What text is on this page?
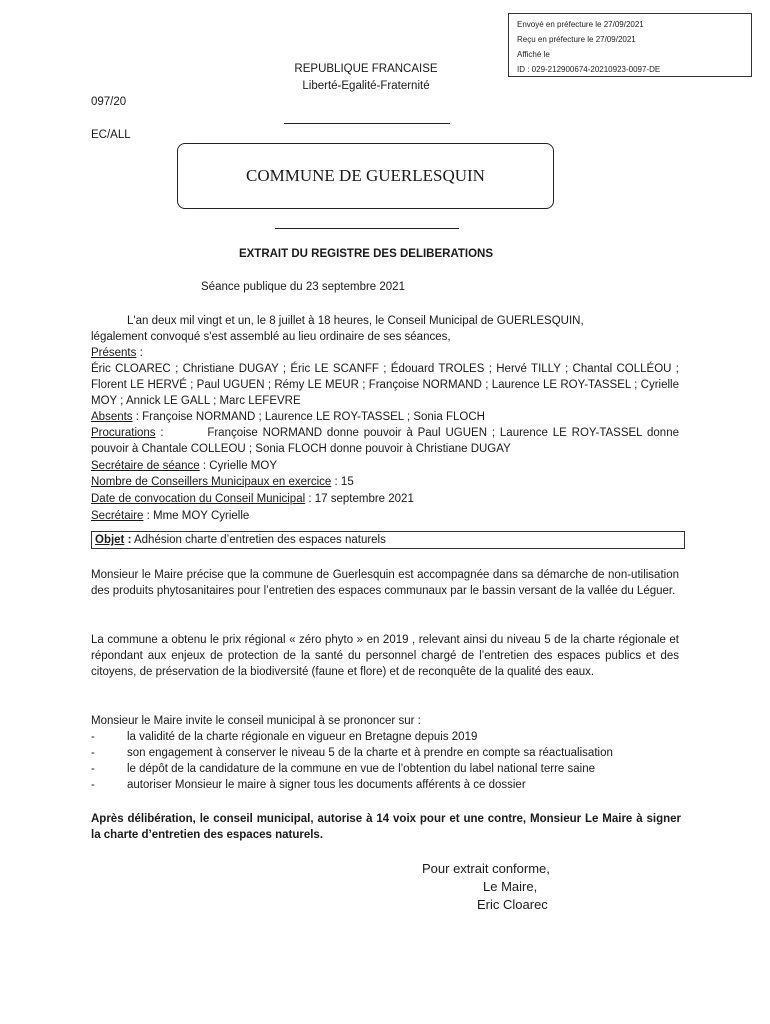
Envoyé en préfecture le 27/09/2021
Reçu en préfecture le 27/09/2021
Affiché le
ID : 029-212900674-20210923-0097-DE
REPUBLIQUE FRANCAISE
Liberté-Egalité-Fraternité
097/20
EC/ALL
COMMUNE DE GUERLESQUIN
EXTRAIT DU REGISTRE DES DELIBERATIONS
Séance publique du 23 septembre 2021
L'an deux mil vingt et un, le 8 juillet à 18 heures, le Conseil Municipal de GUERLESQUIN,
légalement convoqué s'est assemblé au lieu ordinaire de ses séances,
Présents :
Éric CLOAREC ; Christiane DUGAY ; Éric LE SCANFF ; Édouard TROLES ; Hervé TILLY ; Chantal COLLÉOU ; Florent LE HERVÉ ; Paul UGUEN ; Rémy LE MEUR ; Françoise NORMAND ; Laurence LE ROY-TASSEL ; Cyrielle MOY ; Annick LE GALL ; Marc LEFEVRE
Absents : Françoise NORMAND ; Laurence LE ROY-TASSEL ; Sonia FLOCH
Procurations :         Françoise NORMAND donne pouvoir à Paul UGUEN ; Laurence LE ROY-TASSEL donne pouvoir à Chantale COLLEOU ; Sonia FLOCH donne pouvoir à Christiane DUGAY
Secrétaire de séance : Cyrielle MOY
Nombre de Conseillers Municipaux en exercice : 15
Date de convocation du Conseil Municipal : 17 septembre 2021
Secrétaire : Mme MOY Cyrielle
Objet : Adhésion charte d’entretien des espaces naturels
Monsieur le Maire précise que la commune de Guerlesquin est accompagnée dans sa démarche de non-utilisation des produits phytosanitaires pour l’entretien des espaces communaux par le bassin versant de la vallée du Léguer.
La commune a obtenu le prix régional « zéro phyto » en 2019 , relevant ainsi du niveau 5 de la charte régionale et répondant aux enjeux de protection de la santé du personnel chargé de l’entretien des espaces publics et des citoyens, de préservation de la biodiversité (faune et flore) et de reconquête de la qualité des eaux.
Monsieur le Maire invite le conseil municipal à se prononcer sur :
-	la validité de la charte régionale en vigueur en Bretagne depuis 2019
-	son engagement à conserver le niveau 5 de la charte et à prendre en compte sa réactualisation
-	le dépôt de la candidature de la commune en vue de l’obtention du label national terre saine
-	autoriser Monsieur le maire à signer tous les documents afférents à ce dossier
Après délibération, le conseil municipal, autorise à 14 voix pour et une contre, Monsieur Le Maire à signer la charte d’entretien des espaces naturels.
Pour extrait conforme,
Le Maire,
Eric Cloarec
